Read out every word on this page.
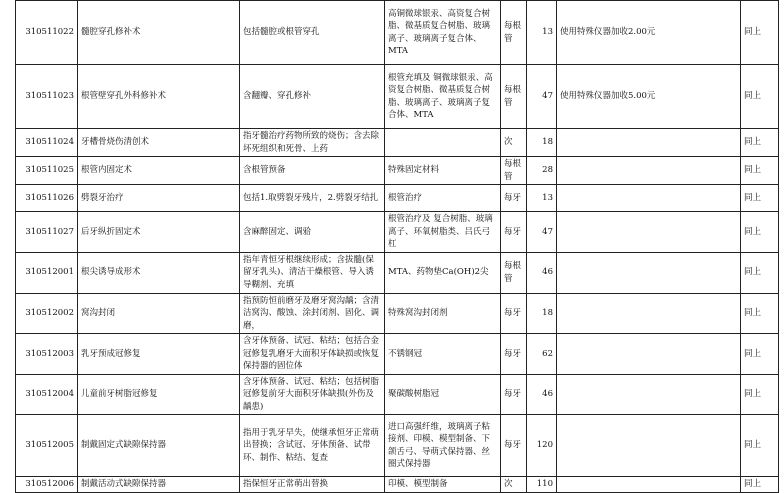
310511022	髓腔穿孔修补术	包括髓腔或根管穿孔	高铜微球银汞、高资复合树脂、微基质复合树脂、玻璃离子、玻璃离子复合体、MTA	每根管	13	使用特殊仪器加收2.00元	同上
310511023	根管壁穿孔外科修补术	含翻瓣、穿孔修补	根管充填及 铜微球银汞、高资复合树脂、微基质复合树脂、玻璃离子、玻璃离子复合体、MTA	每根管	47	使用特殊仪器加收5.00元	同上
310511024	牙槽骨烧伤清创术	指牙髓治疗药物所致的烧伤；含去除坏死组织和死骨、上药		次	18		同上
310511025	根管内固定术	含根管预备	特殊固定材料	每根管	28		同上
310511026	劈裂牙治疗	包括1.取劈裂牙残片，2.劈裂牙结扎	根管治疗	每牙	13		同上
310511027	后牙纵折固定术	含麻醉固定、调𬌗	根管治疗及 复合树脂、玻璃离子、环氧树脂类、吕氏弓杠	每牙	47		同上
310512001	根尖诱导成形术	指年青恒牙根继续形成；含拔髓(保留牙乳头)、清洁干燥根管、导入诱导糊剂、充填	MTA、药物垫Ca(OH)2尖	每根管	46		同上
310512002	窝沟封闭	指预防恒前磨牙及磨牙窝沟龋；含清洁窝沟、酸蚀、涂封闭剂、固化、调磨，	特殊窝沟封闭剂	每牙	18		同上
310512003	乳牙预成冠修复	含牙体预备、试冠、粘结；包括合金冠修复乳磨牙大面积牙体缺损或恢复保持器的固位体	不锈钢冠	每牙	62		同上
310512004	儿童前牙树脂冠修复	含牙体预备、试冠、粘结；包括树脂冠修复前牙大面积牙体缺损(外伤及龋患)	聚碳酸树脂冠	每牙	46		同上
310512005	制戴固定式缺隙保持器	指用于乳牙早失，使继承恒牙正常萌出替换；含试冠、牙体预备、试带环、制作、粘结、复查	进口高强纤维，玻璃离子粘接剂、印模、模型制备、下颌舌弓、导萌式保持器、丝圈式保持器	每牙	120		同上
310512006	制戴活动式缺隙保持器	指保恒牙正常萌出替换	印模、模型制备	次	110		同上
